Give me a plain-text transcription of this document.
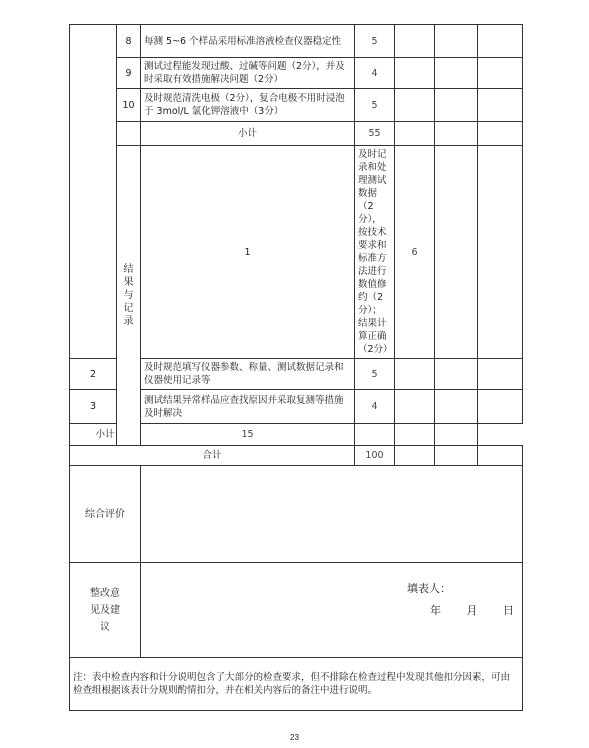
	8	每测 5~6 个样品采用标准溶液检查仪器稳定性	5				
	9	测试过程能发现过酸、过碱等问题（2分），并及时采取有效措施解决问题（2分）	4				
	10	及时规范清洗电极（2分），复合电极不用时浸泡于 3mol/L 氯化钾溶液中（3分）	5				
		小计	55				
	结果与记录	1	及时记录和处理测试数据（2分），按技术要求和标准方法进行数值修约（2分）；结果计算正确（2分）	6			
2		及时规范填写仪器参数、称量、测试数据记录和仪器使用记录等	5				
3		测试结果异常样品应查找原因并采取复测等措施及时解决	4				
小计		15					
合计			100				
综合评价							

整改意见及建议							

注：表中检查内容和计分说明包含了大部分的检查要求，但不排除在检查过程中发现其他扣分因素，可由检查组根据该表计分规则酌情扣分，并在相关内容后的备注中进行说明。							
填表人：
年 月 日
23
